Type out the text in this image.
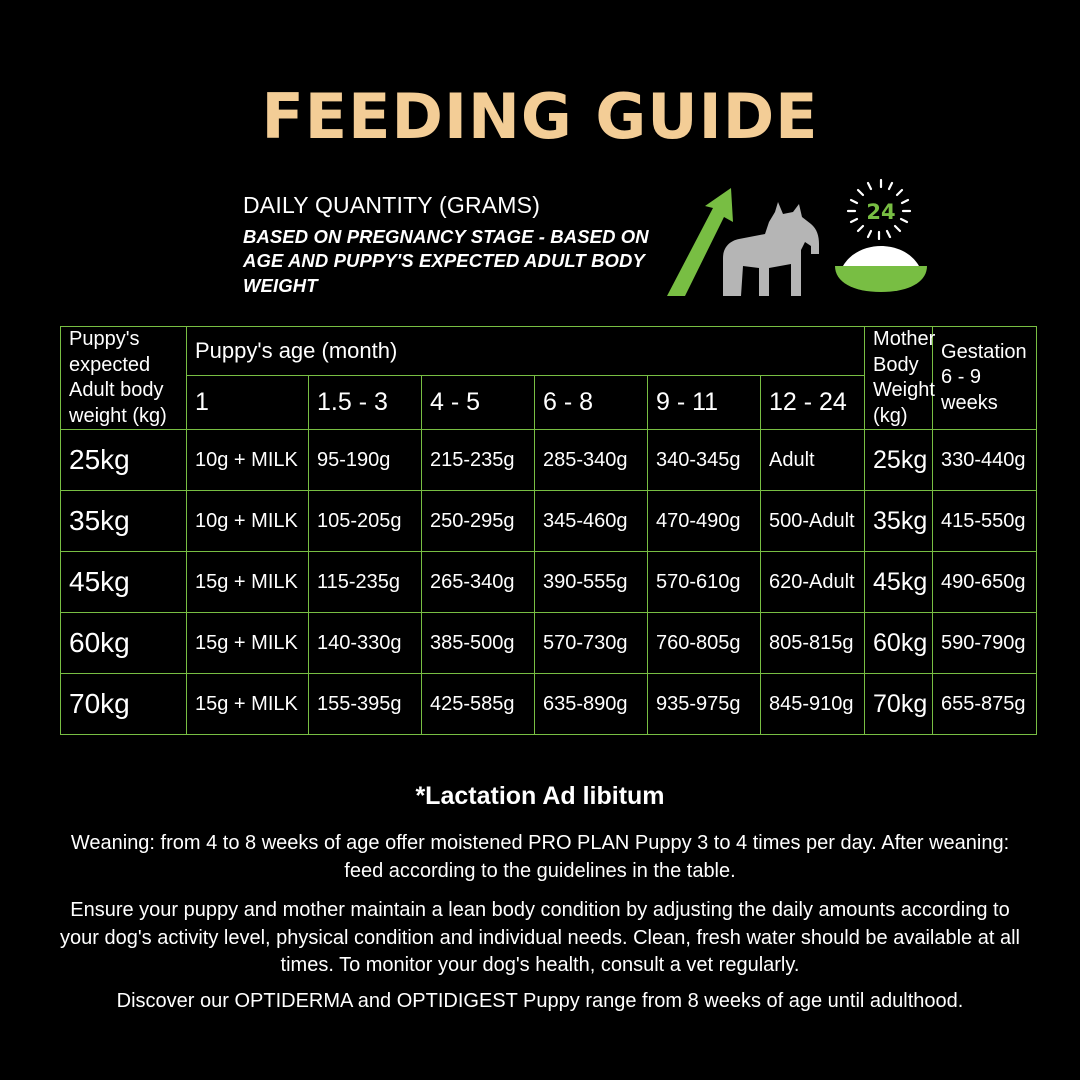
FEEDING GUIDE
DAILY QUANTITY (GRAMS)
BASED ON PREGNANCY STAGE - BASED ON AGE AND PUPPY'S EXPECTED ADULT BODY WEIGHT
24
Puppy's expected Adult body weight (kg)	Puppy's age (month)						Mother Body Weight (kg)	Gestation
6 - 9 weeks
	1	1.5 - 3	4 - 5	6 - 8	9 - 11	12 - 24		
25kg	10g + MILK	95-190g	215-235g	285-340g	340-345g	Adult	25kg	330-440g
35kg	10g + MILK	105-205g	250-295g	345-460g	470-490g	500-Adult	35kg	415-550g
45kg	15g + MILK	115-235g	265-340g	390-555g	570-610g	620-Adult	45kg	490-650g
60kg	15g + MILK	140-330g	385-500g	570-730g	760-805g	805-815g	60kg	590-790g
70kg	15g + MILK	155-395g	425-585g	635-890g	935-975g	845-910g	70kg	655-875g
*Lactation Ad libitum
Weaning: from 4 to 8 weeks of age offer moistened PRO PLAN Puppy 3 to 4 times per day. After weaning: feed according to the guidelines in the table.
Ensure your puppy and mother maintain a lean body condition by adjusting the daily amounts according to your dog's activity level, physical condition and individual needs. Clean, fresh water should be available at all times. To monitor your dog's health, consult a vet regularly.
Discover our OPTIDERMA and OPTIDIGEST Puppy range from 8 weeks of age until adulthood.
